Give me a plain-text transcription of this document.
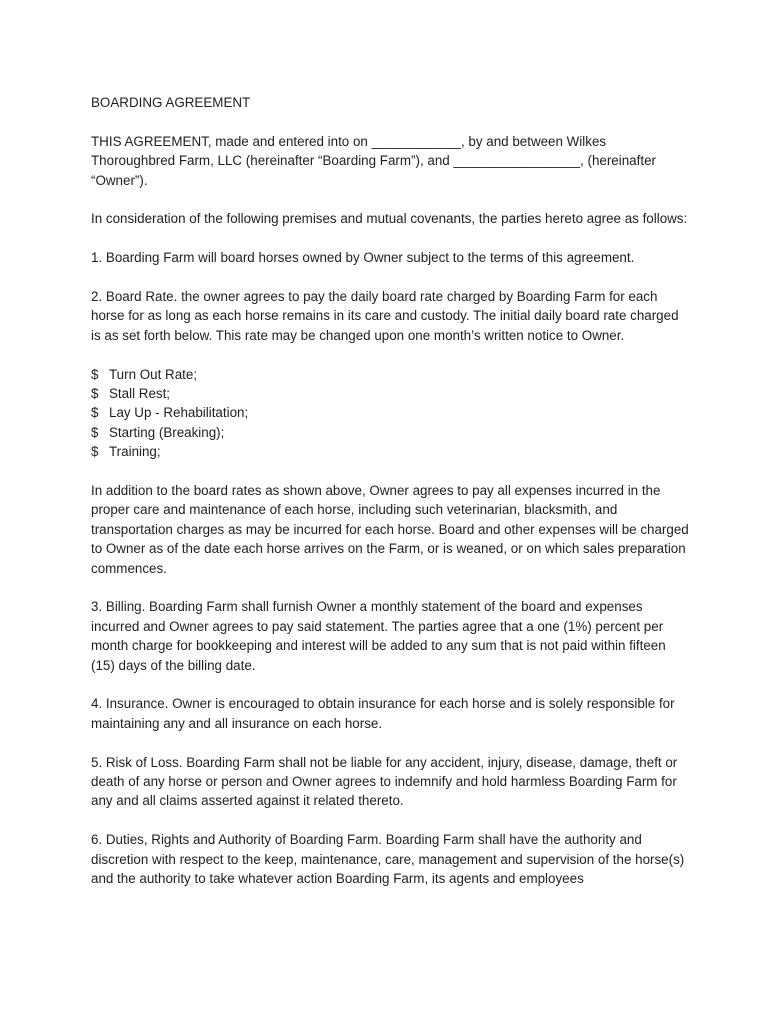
BOARDING AGREEMENT

THIS AGREEMENT, made and entered into on ____________, by and between Wilkes Thoroughbred Farm, LLC (hereinafter “Boarding Farm”), and _________________, (hereinafter “Owner”).

In consideration of the following premises and mutual covenants, the parties hereto agree as follows:

1. Boarding Farm will board horses owned by Owner subject to the terms of this agreement.

2. Board Rate. the owner agrees to pay the daily board rate charged by Boarding Farm for each horse for as long as each horse remains in its care and custody. The initial daily board rate charged is as set forth below. This rate may be changed upon one month’s written notice to Owner.

$ Turn Out Rate;
$ Stall Rest;
$ Lay Up - Rehabilitation;
$ Starting (Breaking);
$ Training;

In addition to the board rates as shown above, Owner agrees to pay all expenses incurred in the proper care and maintenance of each horse, including such veterinarian, blacksmith, and transportation charges as may be incurred for each horse. Board and other expenses will be charged to Owner as of the date each horse arrives on the Farm, or is weaned, or on which sales preparation commences.

3. Billing. Boarding Farm shall furnish Owner a monthly statement of the board and expenses incurred and Owner agrees to pay said statement. The parties agree that a one (1%) percent per month charge for bookkeeping and interest will be added to any sum that is not paid within fifteen (15) days of the billing date.

4. Insurance. Owner is encouraged to obtain insurance for each horse and is solely responsible for maintaining any and all insurance on each horse.

5. Risk of Loss. Boarding Farm shall not be liable for any accident, injury, disease, damage, theft or death of any horse or person and Owner agrees to indemnify and hold harmless Boarding Farm for any and all claims asserted against it related thereto.

6. Duties, Rights and Authority of Boarding Farm. Boarding Farm shall have the authority and discretion with respect to the keep, maintenance, care, management and supervision of the horse(s) and the authority to take whatever action Boarding Farm, its agents and employees
